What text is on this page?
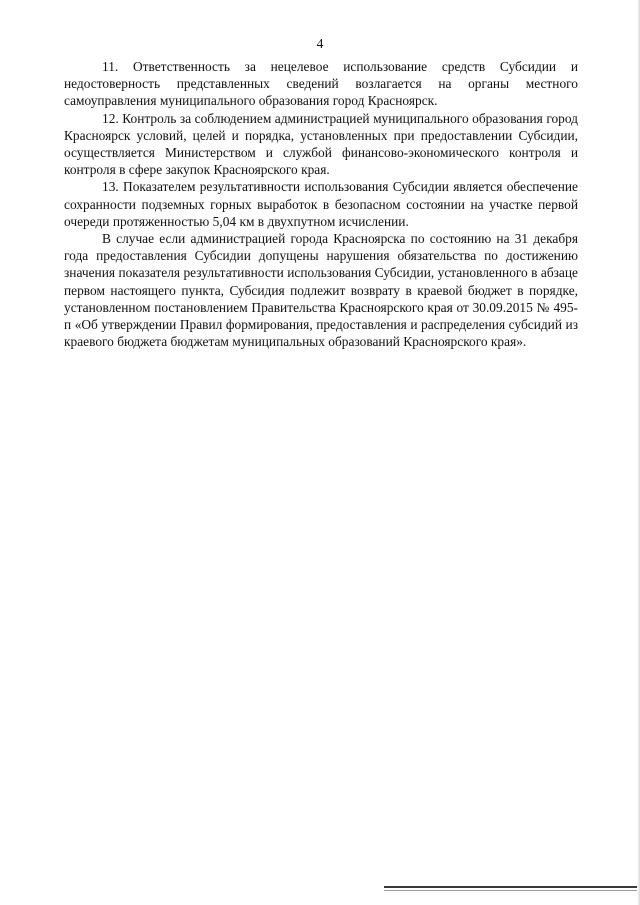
4

11. Ответственность за нецелевое использование средств Субсидии и недостоверность представленных сведений возлагается на органы местного самоуправления муниципального образования город Красноярск.

12. Контроль за соблюдением администрацией муниципального образования город Красноярск условий, целей и порядка, установленных при предоставлении Субсидии, осуществляется Министерством и службой финансово-экономического контроля и контроля в сфере закупок Красноярского края.

13. Показателем результативности использования Субсидии является обеспечение сохранности подземных горных выработок в безопасном состоянии на участке первой очереди протяженностью 5,04 км в двухпутном исчислении.

В случае если администрацией города Красноярска по состоянию на 31 декабря года предоставления Субсидии допущены нарушения обязательства по достижению значения показателя результативности использования Субсидии, установленного в абзаце первом настоящего пункта, Субсидия подлежит возврату в краевой бюджет в порядке, установленном постановлением Правительства Красноярского края от 30.09.2015 № 495-п «Об утверждении Правил формирования, предоставления и распределения субсидий из краевого бюджета бюджетам муниципальных образований Красноярского края».
